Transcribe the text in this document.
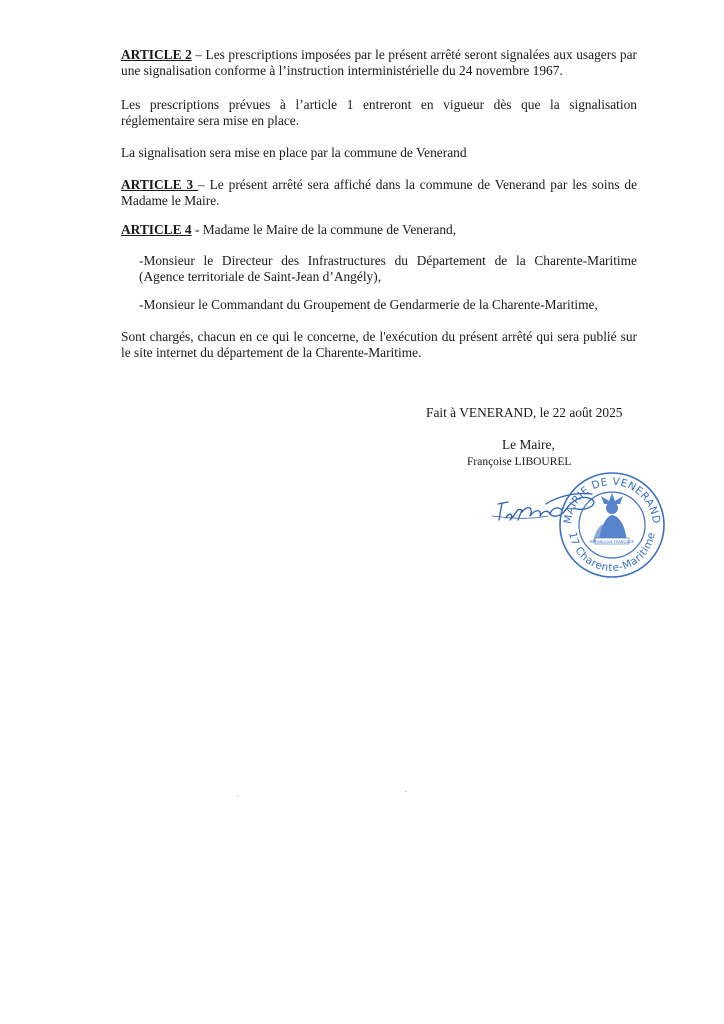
ARTICLE 2 – Les prescriptions imposées par le présent arrêté seront signalées aux usagers par une signalisation conforme à l’instruction interministérielle du 24 novembre 1967.

Les prescriptions prévues à l’article 1 entreront en vigueur dès que la signalisation réglementaire sera mise en place.

La signalisation sera mise en place par la commune de Venerand

ARTICLE 3 – Le présent arrêté sera affiché dans la commune de Venerand par les soins de Madame le Maire.

ARTICLE 4 - Madame le Maire de la commune de Venerand,

-Monsieur le Directeur des Infrastructures du Département de la Charente-Maritime (Agence territoriale de Saint-Jean d’Angély),

-Monsieur le Commandant du Groupement de Gendarmerie de la Charente-Maritime,

Sont chargés, chacun en ce qui le concerne, de l'exécution du présent arrêté qui sera publié sur le site internet du département de la Charente-Maritime.

Fait à VENERAND, le 22 août 2025
Le Maire,
Françoise LIBOUREL
MAIRIE DE VENERAND
17 Charente-Maritime
RÉPUBLIQUE FRANÇAISE
